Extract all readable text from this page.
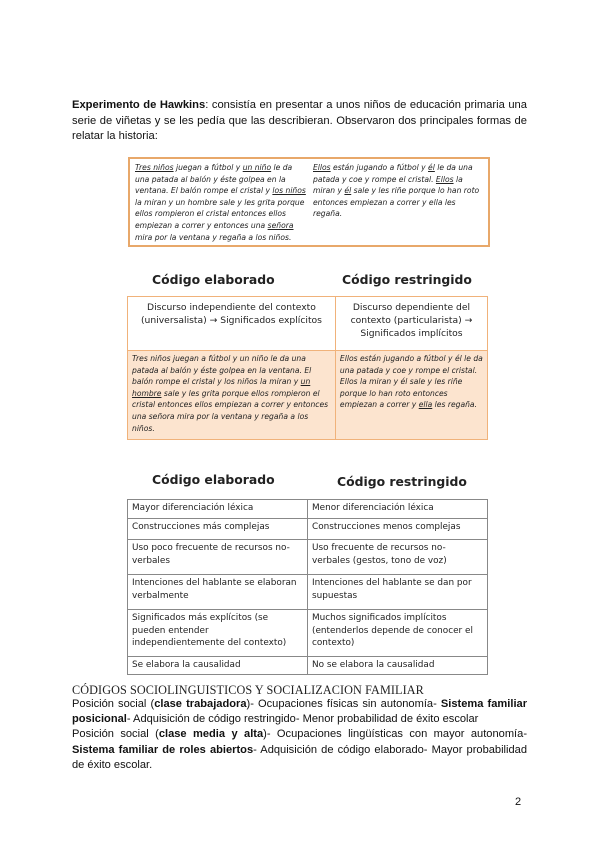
Experimento de Hawkins: consistía en presentar a unos niños de educación primaria una serie de viñetas y se les pedía que las describieran. Observaron dos principales formas de relatar la historia:
Tres niños juegan a fútbol y un niño le da una patada al balón y éste golpea en la ventana. El balón rompe el cristal y los niños la miran y un hombre sale y les grita porque ellos rompieron el cristal entonces ellos empiezan a correr y entonces una señora mira por la ventana y regaña a los niños.
Ellos están jugando a fútbol y él le da una patada y coe y rompe el cristal. Ellos la miran y él sale y les riñe porque lo han roto entonces empiezan a correr y ella les regaña.
Código elaborado	Código restringido
Discurso independiente del contexto (universalista) → Significados explícitos	Discurso dependiente del contexto (particularista) → Significados implícitos
Tres niños juegan a fútbol y un niño le da una patada al balón y éste golpea en la ventana. El balón rompe el cristal y los niños la miran y un hombre sale y les grita porque ellos rompieron el cristal entonces ellos empiezan a correr y entonces una señora mira por la ventana y regaña a los niños.	Ellos están jugando a fútbol y él le da una patada y coe y rompe el cristal. Ellos la miran y él sale y les riñe porque lo han roto entonces empiezan a correr y ella les regaña.
Código elaborado	Código restringido
Mayor diferenciación léxica	Menor diferenciación léxica
Construcciones más complejas	Construcciones menos complejas
Uso poco frecuente de recursos no-verbales	Uso frecuente de recursos no-verbales (gestos, tono de voz)
Intenciones del hablante se elaboran verbalmente	Intenciones del hablante se dan por supuestas
Significados más explícitos (se pueden entender independientemente del contexto)	Muchos significados implícitos (entenderlos depende de conocer el contexto)
Se elabora la causalidad	No se elabora la causalidad
CÓDIGOS SOCIOLINGUISTICOS Y SOCIALIZACION FAMILIAR
Posición social (clase trabajadora)- Ocupaciones físicas sin autonomía- Sistema familiar posicional- Adquisición de código restringido- Menor probabilidad de éxito escolar
Posición social (clase media y alta)- Ocupaciones lingüísticas con mayor autonomía- Sistema familiar de roles abiertos- Adquisición de código elaborado- Mayor probabilidad de éxito escolar.
2
